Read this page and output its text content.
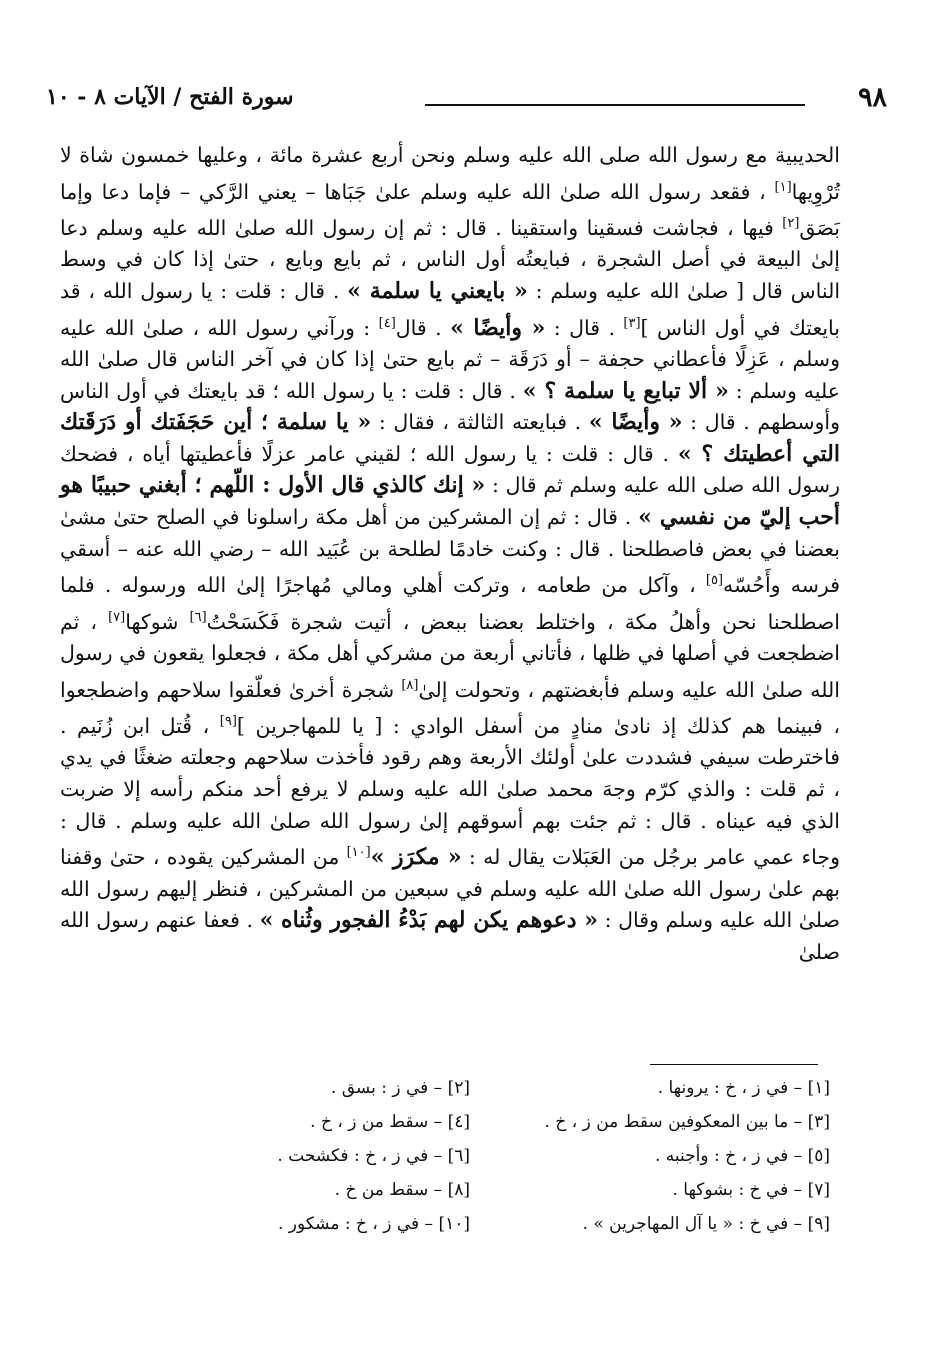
٩٨
سورة الفتح / الآيات ٨ - ١٠
الحديبية مع رسول الله صلى الله عليه وسلم ونحن أربع عشرة مائة ، وعليها خمسون شاة لا تُرْوِيها[١] ، فقعد رسول الله صلىٰ الله عليه وسلم علىٰ جَبَاها – يعني الرَّكي – فإما دعا وإما بَصَق[٢] فيها ، فجاشت فسقينا واستقينا . قال : ثم إن رسول الله صلىٰ الله عليه وسلم دعا إلىٰ البيعة في أصل الشجرة ، فبايعتُه أول الناس ، ثم بايع وبايع ، حتىٰ إذا كان في وسط الناس قال [ صلىٰ الله عليه وسلم : « بايعني يا سلمة » . قال : قلت : يا رسول الله ، قد بايعتك في أول الناس ][٣] . قال : « وأيضًا » . قال[٤] : ورآني رسول الله ، صلىٰ الله عليه وسلم ، عَزِلًا فأعطاني حجفة – أو دَرَقَة – ثم بايع حتىٰ إذا كان في آخر الناس قال صلىٰ الله عليه وسلم : « ألا تبايع يا سلمة ؟ » . قال : قلت : يا رسول الله ؛ قد بايعتك في أول الناس وأوسطهم . قال : « وأيضًا » . فبايعته الثالثة ، فقال : « يا سلمة ؛ أين حَجَفَتك أو دَرَقَتك التي أعطيتك ؟ » . قال : قلت : يا رسول الله ؛ لقيني عامر عزلًا فأعطيتها أياه ، فضحك رسول الله صلى الله عليه وسلم ثم قال : « إنك كالذي قال الأول : اللّهم ؛ أبغني حبيبًا هو أحب إليّ من نفسي » . قال : ثم إن المشركين من أهل مكة راسلونا في الصلح حتىٰ مشىٰ بعضنا في بعض فاصطلحنا . قال : وكنت خادمًا لطلحة بن عُبَيد الله – رضي الله عنه – أسقي فرسه وأَحُسّه[٥] ، وآكل من طعامه ، وتركت أهلي ومالي مُهاجرًا إلىٰ الله ورسوله . فلما اصطلحنا نحن وأهلُ مكة ، واختلط بعضنا ببعض ، أتيت شجرة فَكَسَحْتُ[٦] شوكها[٧] ، ثم اضطجعت في أصلها في ظلها ، فأتاني أربعة من مشركي أهل مكة ، فجعلوا يقعون في رسول الله صلىٰ الله عليه وسلم فأبغضتهم ، وتحولت إلىٰ[٨] شجرة أخرىٰ فعلّقوا سلاحهم واضطجعوا ، فبينما هم كذلك إذ نادىٰ منادٍ من أسفل الوادي : [ يا للمهاجرين ][٩] ، قُتل ابن زُنَيم . فاخترطت سيفي فشددت علىٰ أولئك الأربعة وهم رقود فأخذت سلاحهم وجعلته ضغثًا في يدي ، ثم قلت : والذي كرّم وجهَ محمد صلىٰ الله عليه وسلم لا يرفع أحد منكم رأسه إلا ضربت الذي فيه عيناه . قال : ثم جئت بهم أسوقهم إلىٰ رسول الله صلىٰ الله عليه وسلم . قال : وجاء عمي عامر برجُل من العَبَلات يقال له : « مكرَز »[١٠] من المشركين يقوده ، حتىٰ وقفنا بهم علىٰ رسول الله صلىٰ الله عليه وسلم في سبعين من المشركين ، فنظر إليهم رسول الله صلىٰ الله عليه وسلم وقال : « دعوهم يكن لهم بَدْءُ الفجور وثُناه » . فعفا عنهم رسول الله صلىٰ
[١] – في ز ، خ : يرونها .
[٢] – في ز : بسق .
[٣] – ما بين المعكوفين سقط من ز ، خ .
[٤] – سقط من ز ، خ .
[٥] – في ز ، خ : وأجنبه .
[٦] – في ز ، خ : فكشحت .
[٧] – في خ : بشوكها .
[٨] – سقط من خ .
[٩] – في خ : « يا آل المهاجرين » .
[١٠] – في ز ، خ : مشكور .
